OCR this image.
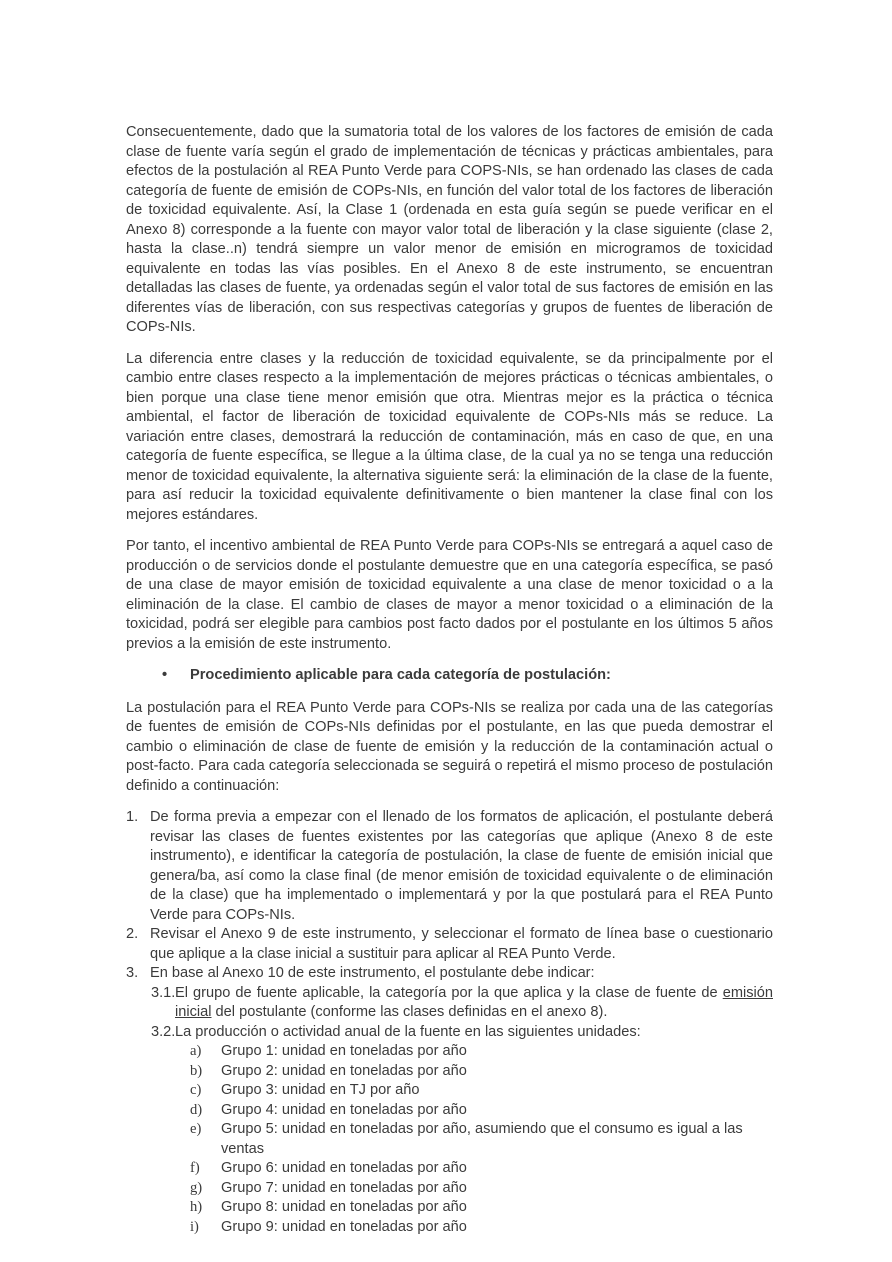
Consecuentemente, dado que la sumatoria total de los valores de los factores de emisión de cada clase de fuente varía según el grado de implementación de técnicas y prácticas ambientales, para efectos de la postulación al REA Punto Verde para COPS-NIs, se han ordenado las clases de cada categoría de fuente de emisión de COPs-NIs, en función del valor total de los factores de liberación de toxicidad equivalente. Así, la Clase 1 (ordenada en esta guía según se puede verificar en el Anexo 8) corresponde a la fuente con mayor valor total de liberación y la clase siguiente (clase 2, hasta la clase..n) tendrá siempre un valor menor de emisión en microgramos de toxicidad equivalente en todas las vías posibles. En el Anexo 8 de este instrumento, se encuentran detalladas las clases de fuente, ya ordenadas según el valor total de sus factores de emisión en las diferentes vías de liberación, con sus respectivas categorías y grupos de fuentes de liberación de COPs-NIs.

La diferencia entre clases y la reducción de toxicidad equivalente, se da principalmente por el cambio entre clases respecto a la implementación de mejores prácticas o técnicas ambientales, o bien porque una clase tiene menor emisión que otra. Mientras mejor es la práctica o técnica ambiental, el factor de liberación de toxicidad equivalente de COPs-NIs más se reduce. La variación entre clases, demostrará la reducción de contaminación, más en caso de que, en una categoría de fuente específica, se llegue a la última clase, de la cual ya no se tenga una reducción menor de toxicidad equivalente, la alternativa siguiente será: la eliminación de la clase de la fuente, para así reducir la toxicidad equivalente definitivamente o bien mantener la clase final con los mejores estándares.

Por tanto, el incentivo ambiental de REA Punto Verde para COPs-NIs se entregará a aquel caso de producción o de servicios donde el postulante demuestre que en una categoría específica, se pasó de una clase de mayor emisión de toxicidad equivalente a una clase de menor toxicidad o a la eliminación de la clase. El cambio de clases de mayor a menor toxicidad o a eliminación de la toxicidad, podrá ser elegible para cambios post facto dados por el postulante en los últimos 5 años previos a la emisión de este instrumento.

• Procedimiento aplicable para cada categoría de postulación:

La postulación para el REA Punto Verde para COPs-NIs se realiza por cada una de las categorías de fuentes de emisión de COPs-NIs definidas por el postulante, en las que pueda demostrar el cambio o eliminación de clase de fuente de emisión y la reducción de la contaminación actual o post-facto. Para cada categoría seleccionada se seguirá o repetirá el mismo proceso de postulación definido a continuación:

1. De forma previa a empezar con el llenado de los formatos de aplicación, el postulante deberá revisar las clases de fuentes existentes por las categorías que aplique (Anexo 8 de este instrumento), e identificar la categoría de postulación, la clase de fuente de emisión inicial que genera/ba, así como la clase final (de menor emisión de toxicidad equivalente o de eliminación de la clase) que ha implementado o implementará y por la que postulará para el REA Punto Verde para COPs-NIs.
2. Revisar el Anexo 9 de este instrumento, y seleccionar el formato de línea base o cuestionario que aplique a la clase inicial a sustituir para aplicar al REA Punto Verde.
3. En base al Anexo 10 de este instrumento, el postulante debe indicar:
3.1. El grupo de fuente aplicable, la categoría por la que aplica y la clase de fuente de emisión inicial del postulante (conforme las clases definidas en el anexo 8).
3.2. La producción o actividad anual de la fuente en las siguientes unidades:
a) Grupo 1: unidad en toneladas por año
b) Grupo 2: unidad en toneladas por año
c) Grupo 3: unidad en TJ por año
d) Grupo 4: unidad en toneladas por año
e) Grupo 5: unidad en toneladas por año, asumiendo que el consumo es igual a las ventas
f) Grupo 6: unidad en toneladas por año
g) Grupo 7: unidad en toneladas por año
h) Grupo 8: unidad en toneladas por año
i) Grupo 9: unidad en toneladas por año
